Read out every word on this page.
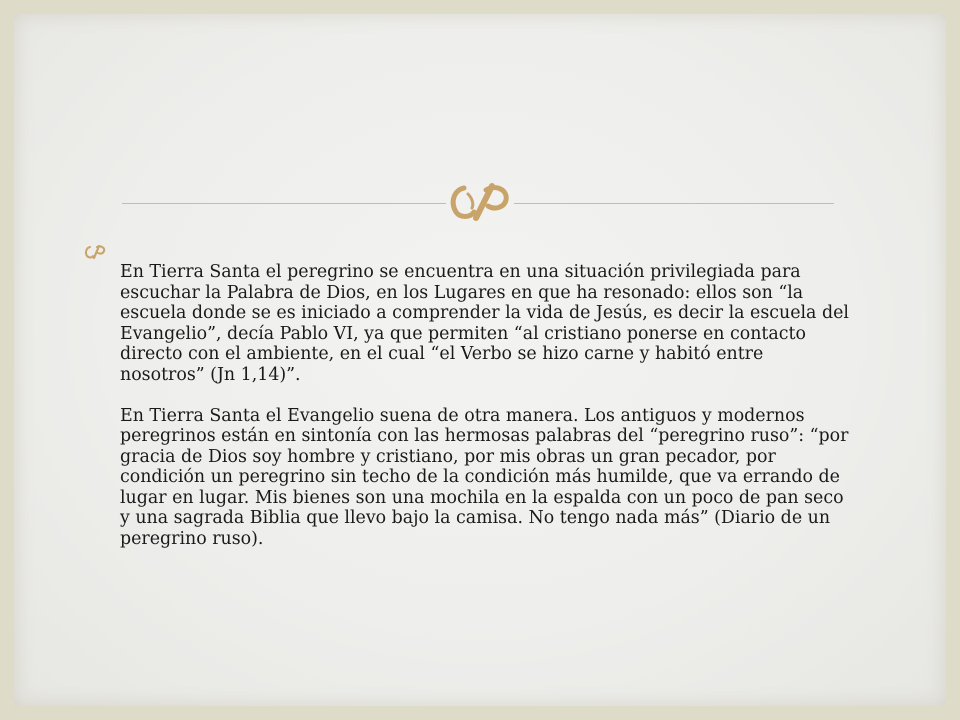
En Tierra Santa el peregrino se encuentra en una situación privilegiada para escuchar la Palabra de Dios, en los Lugares en que ha resonado: ellos son “la escuela donde se es iniciado a comprender la vida de Jesús, es decir la escuela del Evangelio”, decía Pablo VI, ya que permiten “al cristiano ponerse en contacto directo con el ambiente, en el cual “el Verbo se hizo carne y habitó entre nosotros” (Jn 1,14)”.

En Tierra Santa el Evangelio suena de otra manera. Los antiguos y modernos peregrinos están en sintonía con las hermosas palabras del “peregrino ruso”: “por gracia de Dios soy hombre y cristiano, por mis obras un gran pecador, por condición un peregrino sin techo de la condición más humilde, que va errando de lugar en lugar. Mis bienes son una mochila en la espalda con un poco de pan seco y una sagrada Biblia que llevo bajo la camisa. No tengo nada más” (Diario de un peregrino ruso).
